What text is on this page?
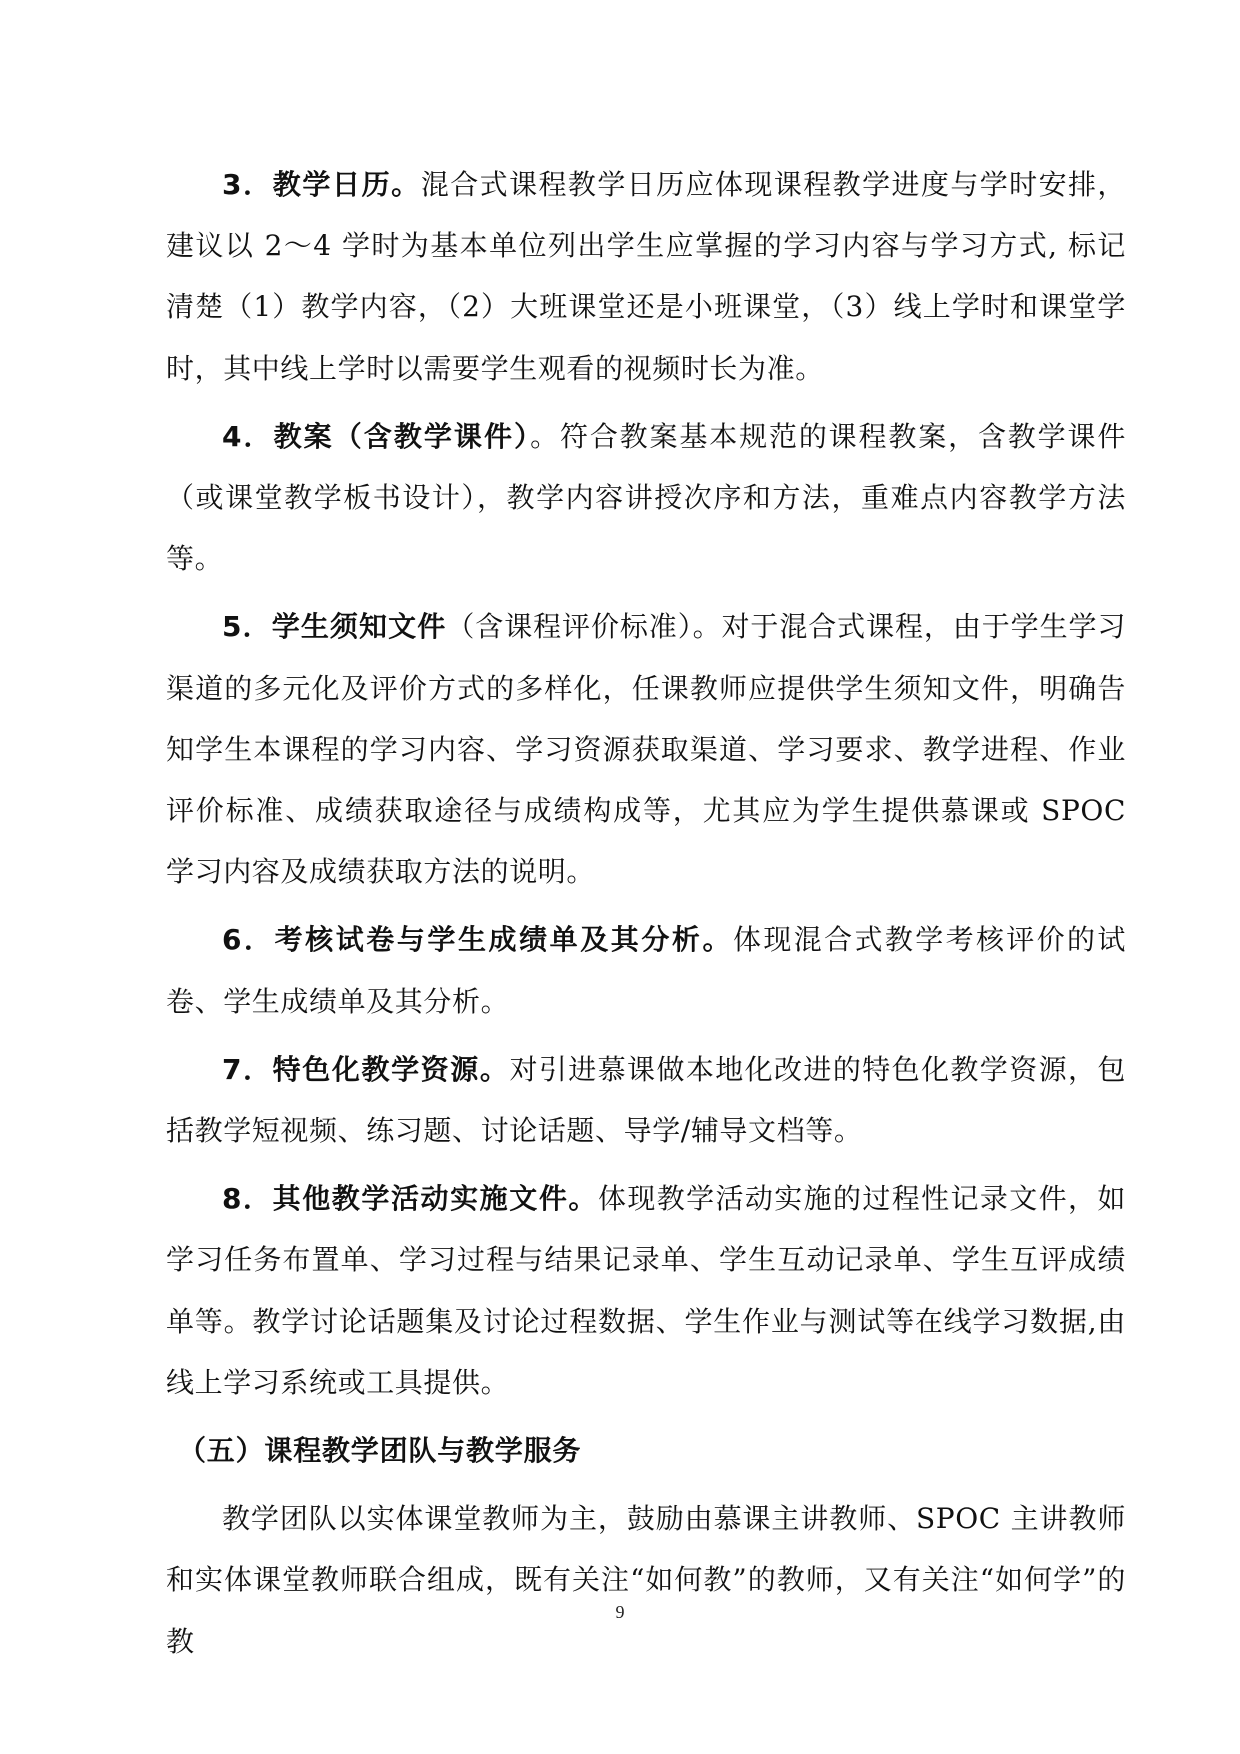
3．教学日历。混合式课程教学日历应体现课程教学进度与学时安排，建议以 2～4 学时为基本单位列出学生应掌握的学习内容与学习方式, 标记清楚（1）教学内容，（2）大班课堂还是小班课堂，（3）线上学时和课堂学时，其中线上学时以需要学生观看的视频时长为准。

4．教案（含教学课件）。符合教案基本规范的课程教案，含教学课件（或课堂教学板书设计），教学内容讲授次序和方法，重难点内容教学方法等。

5．学生须知文件（含课程评价标准）。对于混合式课程，由于学生学习渠道的多元化及评价方式的多样化，任课教师应提供学生须知文件，明确告知学生本课程的学习内容、学习资源获取渠道、学习要求、教学进程、作业评价标准、成绩获取途径与成绩构成等，尤其应为学生提供慕课或 SPOC 学习内容及成绩获取方法的说明。

6．考核试卷与学生成绩单及其分析。体现混合式教学考核评价的试卷、学生成绩单及其分析。

7．特色化教学资源。对引进慕课做本地化改进的特色化教学资源，包括教学短视频、练习题、讨论话题、导学/辅导文档等。

8．其他教学活动实施文件。体现教学活动实施的过程性记录文件，如学习任务布置单、学习过程与结果记录单、学生互动记录单、学生互评成绩单等。教学讨论话题集及讨论过程数据、学生作业与测试等在线学习数据,由线上学习系统或工具提供。

（五）课程教学团队与教学服务

教学团队以实体课堂教师为主，鼓励由慕课主讲教师、SPOC 主讲教师和实体课堂教师联合组成，既有关注“如何教”的教师，又有关注“如何学”的教

9
